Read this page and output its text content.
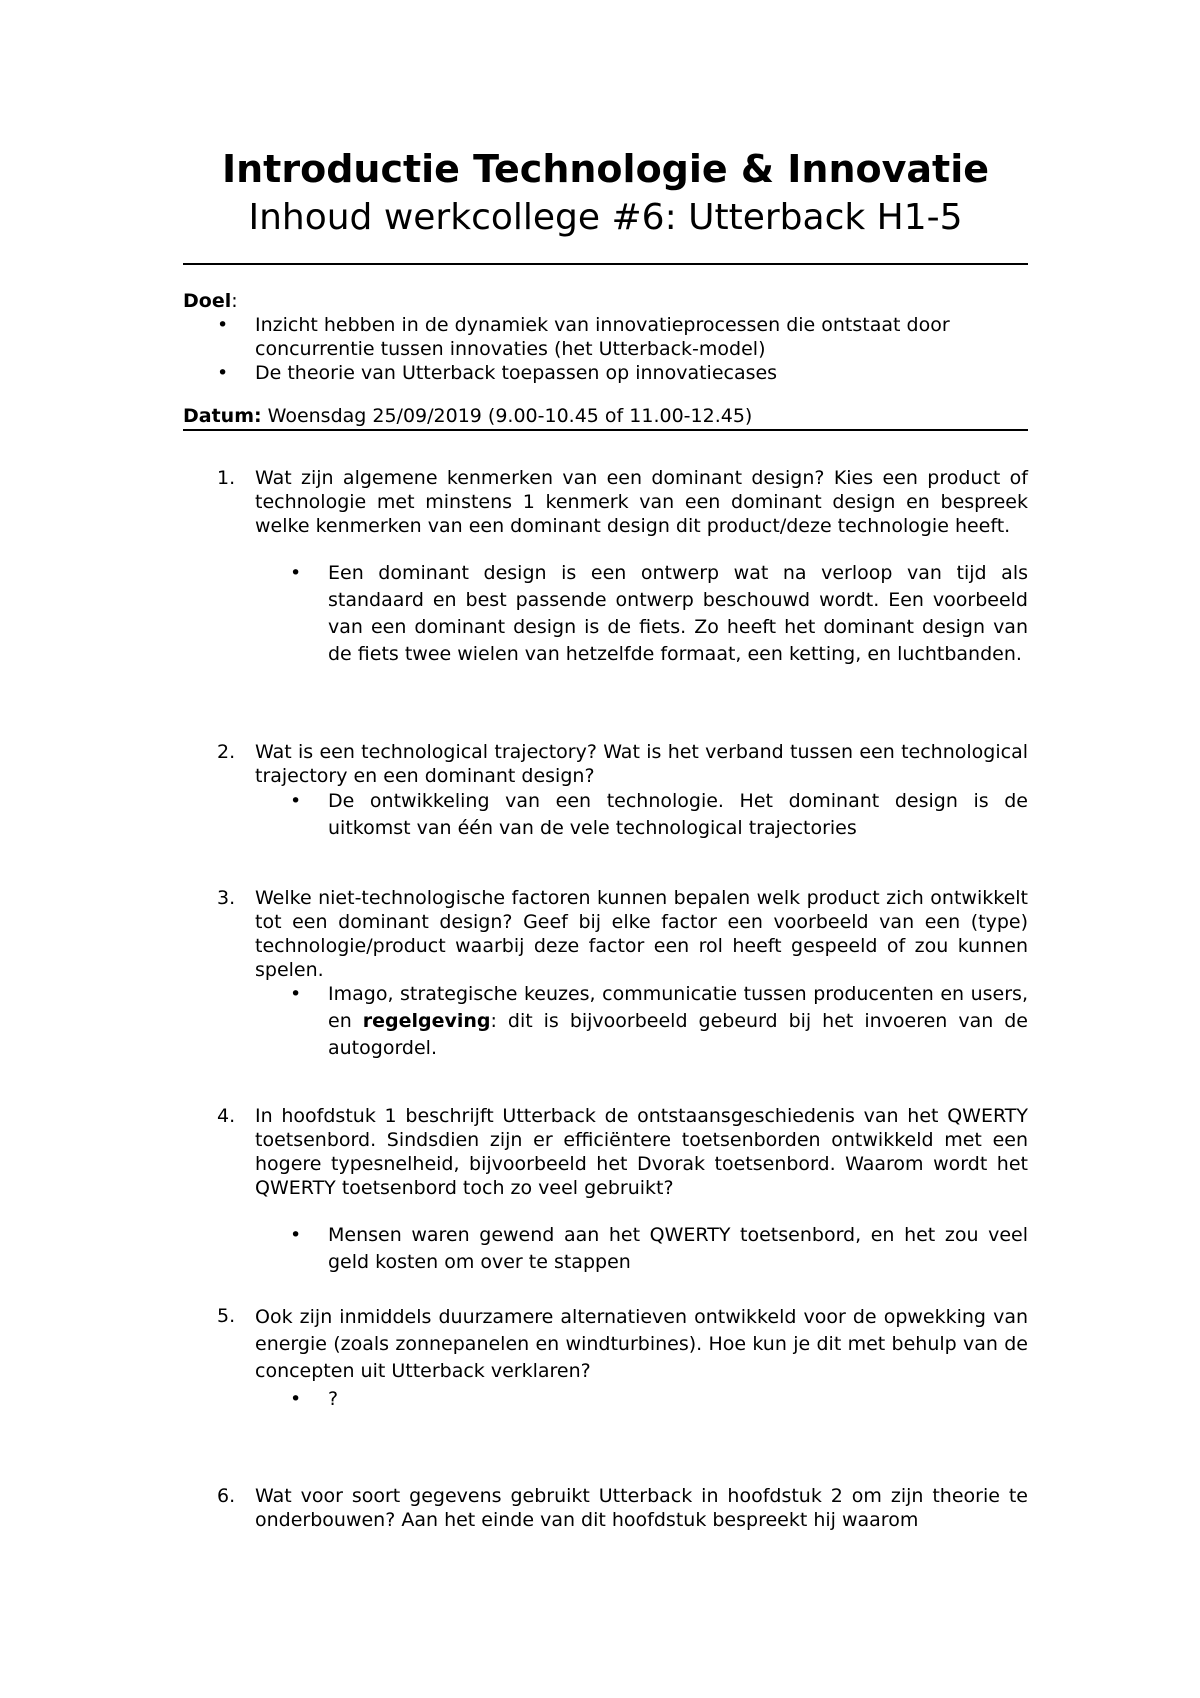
Introductie Technologie & Innovatie
Inhoud werkcollege #6: Utterback H1-5
Doel:
• Inzicht hebben in de dynamiek van innovatieprocessen die ontstaat door concurrentie tussen innovaties (het Utterback-model)
• De theorie van Utterback toepassen op innovatiecases
Datum: Woensdag 25/09/2019 (9.00-10.45 of 11.00-12.45)
1.	Wat zijn algemene kenmerken van een dominant design? Kies een product of technologie met minstens 1 kenmerk van een dominant design en bespreek welke kenmerken van een dominant design dit product/deze technologie heeft.
• Een dominant design is een ontwerp wat na verloop van tijd als standaard en best passende ontwerp beschouwd wordt. Een voorbeeld van een dominant design is de fiets. Zo heeft het dominant design van de fiets twee wielen van hetzelfde formaat, een ketting, en luchtbanden.
2.	Wat is een technological trajectory? Wat is het verband tussen een technological trajectory en een dominant design?
• De ontwikkeling van een technologie. Het dominant design is de uitkomst van één van de vele technological trajectories
3.	Welke niet-technologische factoren kunnen bepalen welk product zich ontwikkelt tot een dominant design? Geef bij elke factor een voorbeeld van een (type) technologie/product waarbij deze factor een rol heeft gespeeld of zou kunnen spelen.
• Imago, strategische keuzes, communicatie tussen producenten en users, en regelgeving: dit is bijvoorbeeld gebeurd bij het invoeren van de autogordel.
4.	In hoofdstuk 1 beschrijft Utterback de ontstaansgeschiedenis van het QWERTY toetsenbord. Sindsdien zijn er efficiëntere toetsenborden ontwikkeld met een hogere typesnelheid, bijvoorbeeld het Dvorak toetsenbord. Waarom wordt het QWERTY toetsenbord toch zo veel gebruikt?
• Mensen waren gewend aan het QWERTY toetsenbord, en het zou veel geld kosten om over te stappen
5.	Ook zijn inmiddels duurzamere alternatieven ontwikkeld voor de opwekking van energie (zoals zonnepanelen en windturbines). Hoe kun je dit met behulp van de concepten uit Utterback verklaren?
• ?
6.	Wat voor soort gegevens gebruikt Utterback in hoofdstuk 2 om zijn theorie te onderbouwen? Aan het einde van dit hoofdstuk bespreekt hij waarom
